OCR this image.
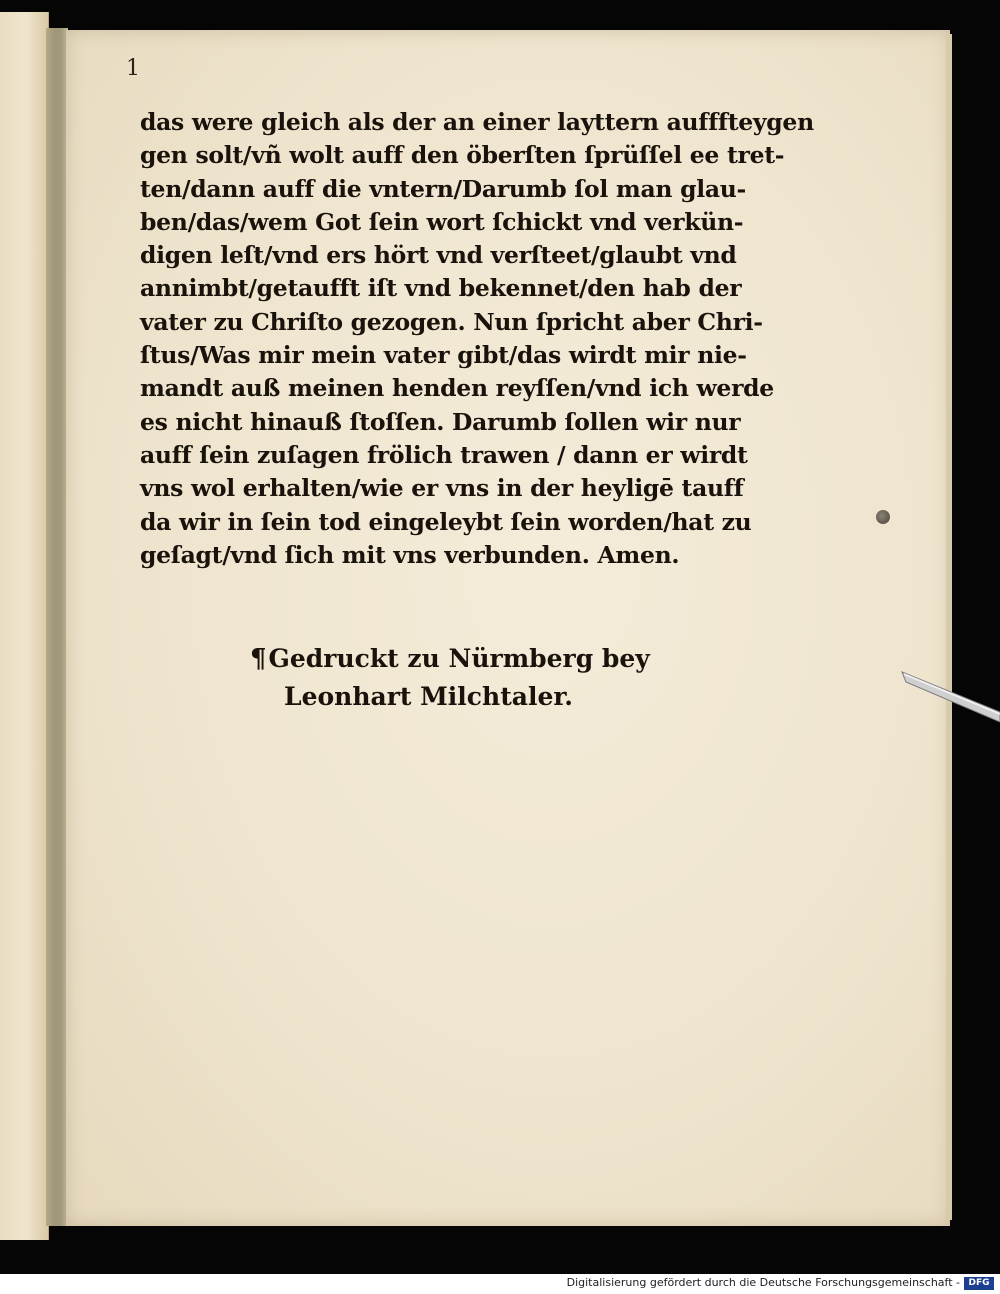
1
das were gleich als der an einer layttern aufffteygen
gen solt/vñ wolt auff den öberſten ſprüſſel ee tret-
ten/dann auff die vntern/Darumb ſol man glau-
ben/das/wem Got ſein wort ſchickt vnd verkün-
digen leſt/vnd ers hört vnd verſteet/glaubt vnd
annimbt/getaufft iſt vnd bekennet/den hab der
vater zu Chriſto gezogen. Nun ſpricht aber Chri-
ſtus/Was mir mein vater gibt/das wirdt mir nie-
mandt auß meinen henden reyſſen/vnd ich werde
es nicht hinauß ſtoſſen. Darumb ſollen wir nur
auff ſein zuſagen frölich trawen / dann er wirdt
vns wol erhalten/wie er vns in der heyligē tauff
da wir in ſein tod eingeleybt ſein worden/hat zu
geſagt/vnd ſich mit vns verbunden. Amen.
¶Gedruckt zu Nürmberg bey
Leonhart Milchtaler.
Digitalisierung gefördert durch die Deutsche Forschungsgemeinschaft - DFG
